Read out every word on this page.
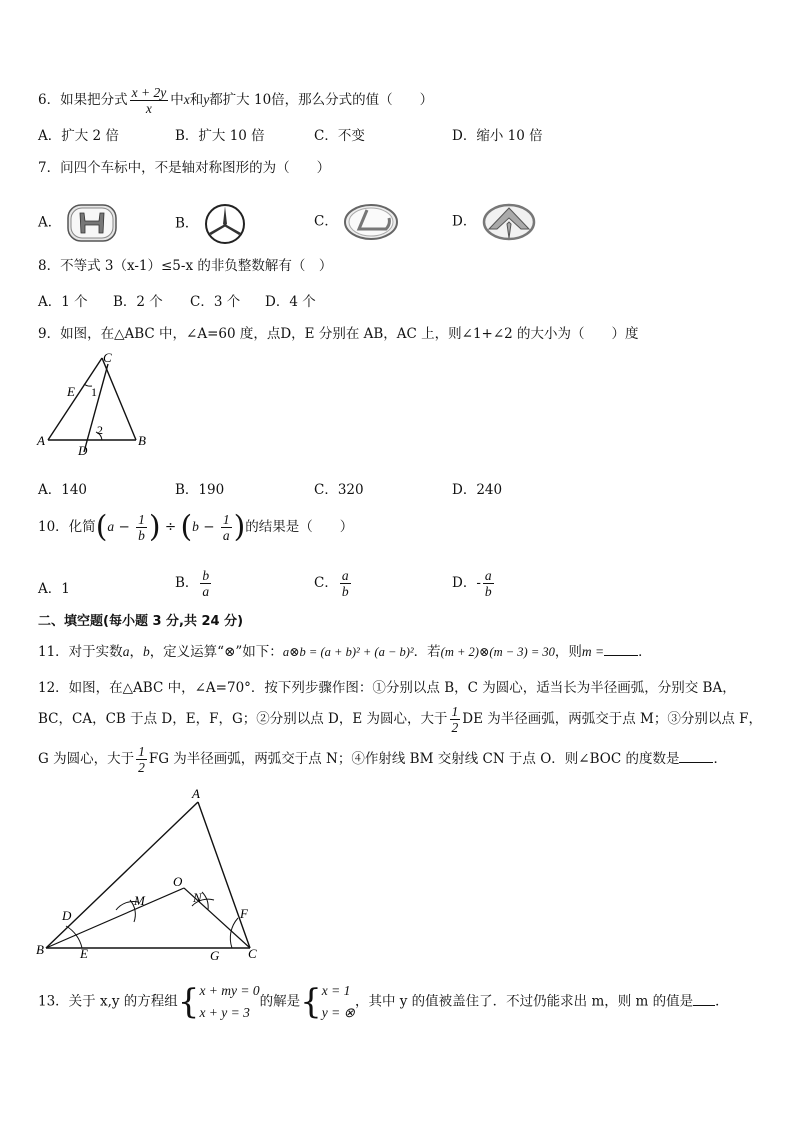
6．如果把分式 $\frac{x + 2y}{x}$ 中x和y都扩大 10倍，那么分式的值（　　）
A．扩大 2 倍	B．扩大 10 倍	C．不变	D．缩小 10 倍
7．问四个车标中，不是轴对称图形的为（　　）
A．	B．	C．	D．
8．不等式 3（x-1）≤5-x 的非负整数解有（　）
A．1 个 B．2 个 C．3 个 D．4 个
9．如图，在△ABC 中，∠A=60 度，点D，E 分别在 AB，AC 上，则∠1+∠2 的大小为（　　）度
C
E 1
A
2
D
B
A．140	B．190	C．320	D．240
10．化简($a - \frac{1}{b}$ ) ÷ ($b - \frac{1}{a}$ )的结果是（　　）
A．1	B． $\frac{b}{a}$	C． $\frac{a}{b}$	D．- $\frac{a}{b}$
二、填空题(每小题 3 分,共 24 分)
11．对于实数a，b，定义运算“⊗”如下：a⊗b = (a + b)² + (a − b)²．若(m + 2)⊗(m − 3) = 30，则m =	．
12．如图，在△ABC 中，∠A=70°．按下列步骤作图：①分别以点 B，C 为圆心，适当长为半径画弧，分别交 BA，
BC，CA，CB 于点 D，E，F，G；②分别以点 D，E 为圆心，大于 $\frac{1}{2}$ DE 为半径画弧，两弧交于点 M；③分别以点 F，
G 为圆心，大于 $\frac{1}{2}$ FG 为半径画弧，两弧交于点 N；④作射线 BM 交射线 CN 于点 O．则∠BOC 的度数是	．
A
M
O
N
D	F
B	E	G C
13．关于 x,y 的方程组{ x + my = 0
x + y = 3
的解是{ x = 1
y = ⊗
，其中 y 的值被盖住了．不过仍能求出 m，则 m 的值是 ．
